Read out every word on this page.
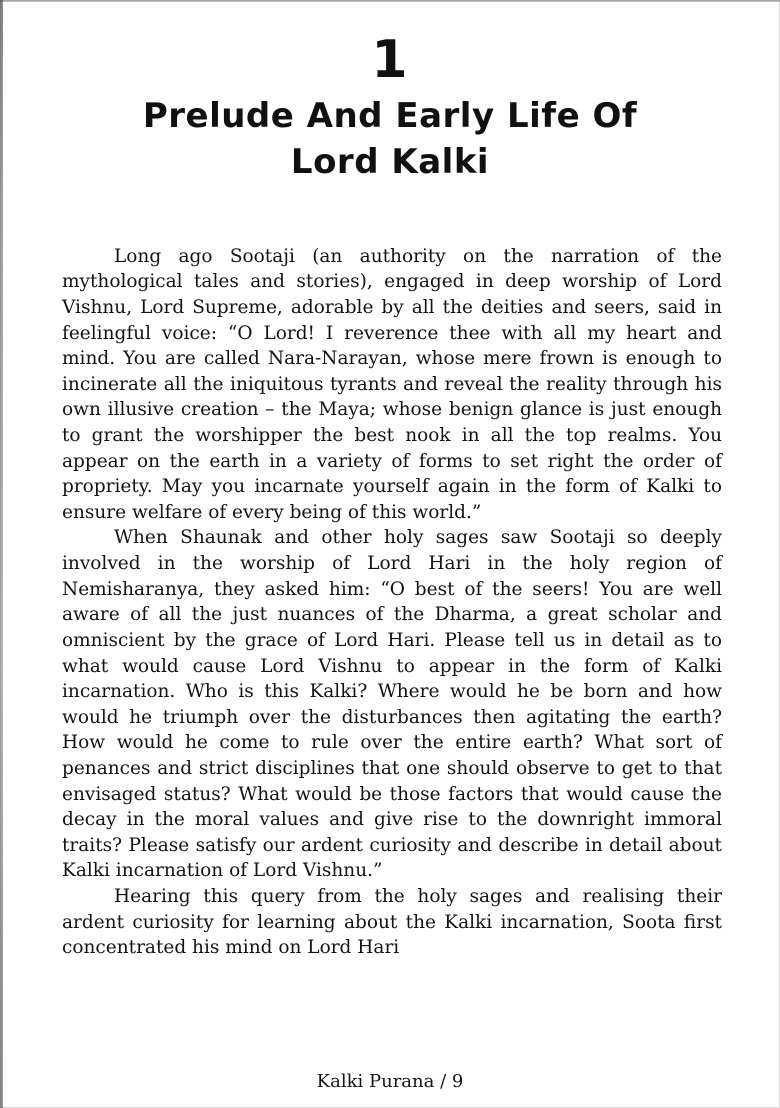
1
Prelude And Early Life Of
Lord Kalki

Long ago Sootaji (an authority on the narration of the mythological tales and stories), engaged in deep worship of Lord Vishnu, Lord Supreme, adorable by all the deities and seers, said in feelingful voice: “O Lord! I reverence thee with all my heart and mind. You are called Nara-Narayan, whose mere frown is enough to incinerate all the iniquitous tyrants and reveal the reality through his own illusive creation – the Maya; whose benign glance is just enough to grant the worshipper the best nook in all the top realms. You appear on the earth in a variety of forms to set right the order of propriety. May you incarnate yourself again in the form of Kalki to ensure welfare of every being of this world.”

When Shaunak and other holy sages saw Sootaji so deeply involved in the worship of Lord Hari in the holy region of Nemisharanya, they asked him: “O best of the seers! You are well aware of all the just nuances of the Dharma, a great scholar and omniscient by the grace of Lord Hari. Please tell us in detail as to what would cause Lord Vishnu to appear in the form of Kalki incarnation. Who is this Kalki? Where would he be born and how would he triumph over the disturbances then agitating the earth? How would he come to rule over the entire earth? What sort of penances and strict disciplines that one should observe to get to that envisaged status? What would be those factors that would cause the decay in the moral values and give rise to the downright immoral traits? Please satisfy our ardent curiosity and describe in detail about Kalki incarnation of Lord Vishnu.”

Hearing this query from the holy sages and realising their ardent curiosity for learning about the Kalki incarnation, Soota first concentrated his mind on Lord Hari

Kalki Purana / 9
